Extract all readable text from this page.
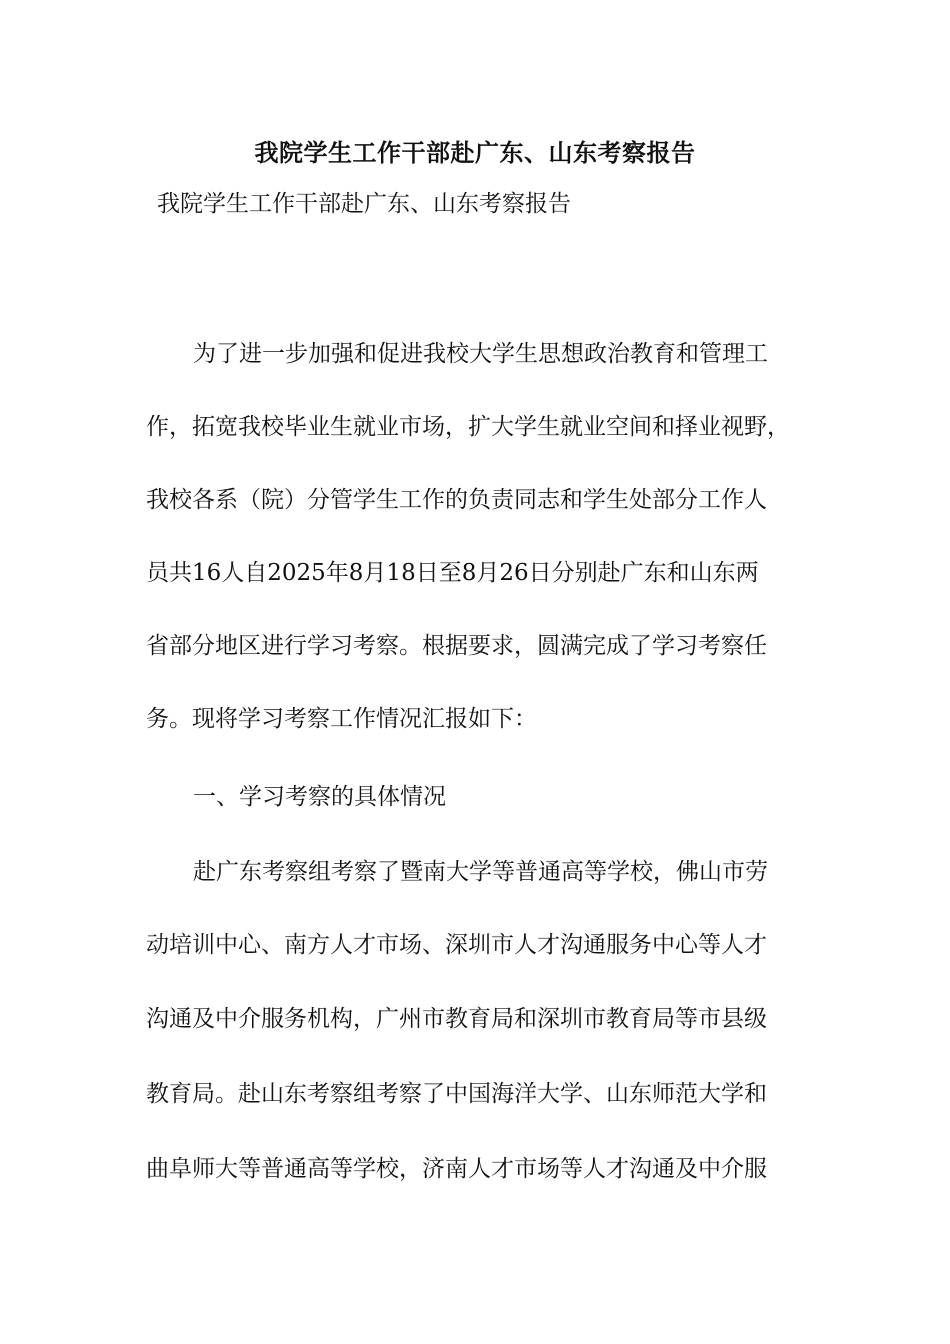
我院学生工作干部赴广东、山东考察报告
我院学生工作干部赴广东、山东考察报告
为了进一步加强和促进我校大学生思想政治教育和管理工
作，拓宽我校毕业生就业市场，扩大学生就业空间和择业视野，
我校各系（院）分管学生工作的负责同志和学生处部分工作人
员共16人自2025年8月18日至8月26日分别赴广东和山东两
省部分地区进行学习考察。根据要求，圆满完成了学习考察任
务。现将学习考察工作情况汇报如下：
一、学习考察的具体情况
赴广东考察组考察了暨南大学等普通高等学校，佛山市劳
动培训中心、南方人才市场、深圳市人才沟通服务中心等人才
沟通及中介服务机构，广州市教育局和深圳市教育局等市县级
教育局。赴山东考察组考察了中国海洋大学、山东师范大学和
曲阜师大等普通高等学校，济南人才市场等人才沟通及中介服
